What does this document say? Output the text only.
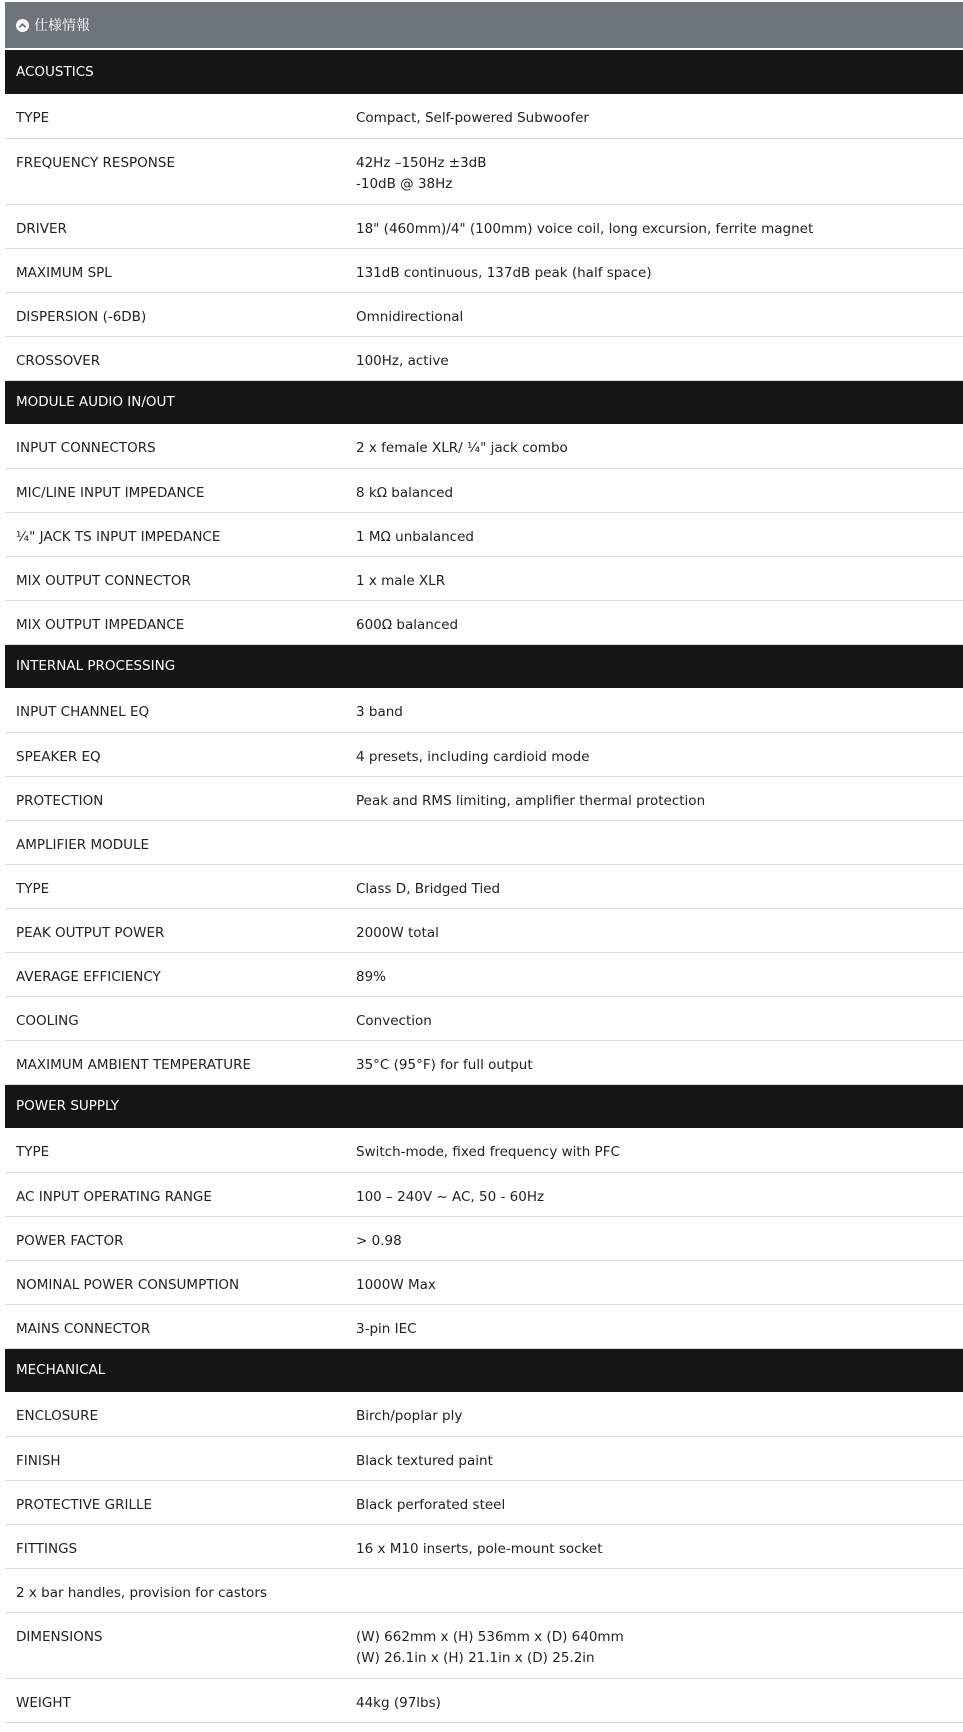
仕様情報
ACOUSTICS	
TYPE	Compact, Self-powered Subwoofer

FREQUENCY RESPONSE	42Hz –150Hz ±3dB
-10dB @ 38Hz

DRIVER	18" (460mm)/4" (100mm) voice coil, long excursion, ferrite magnet

MAXIMUM SPL	131dB continuous, 137dB peak (half space)

DISPERSION (-6DB)	Omnidirectional

CROSSOVER	100Hz, active

MODULE AUDIO IN/OUT	
INPUT CONNECTORS	2 x female XLR/ ¼" jack combo

MIC/LINE INPUT IMPEDANCE	8 kΩ balanced

¼" JACK TS INPUT IMPEDANCE	1 MΩ unbalanced

MIX OUTPUT CONNECTOR	1 x male XLR

MIX OUTPUT IMPEDANCE	600Ω balanced

INTERNAL PROCESSING	
INPUT CHANNEL EQ	3 band

SPEAKER EQ	4 presets, including cardioid mode

PROTECTION	Peak and RMS limiting, amplifier thermal protection

AMPLIFIER MODULE	
TYPE	Class D, Bridged Tied

PEAK OUTPUT POWER	2000W total

AVERAGE EFFICIENCY	89%

COOLING	Convection

MAXIMUM AMBIENT TEMPERATURE	35°C (95°F) for full output

POWER SUPPLY	
TYPE	Switch-mode, fixed frequency with PFC

AC INPUT OPERATING RANGE	100 – 240V ~ AC, 50 - 60Hz

POWER FACTOR	> 0.98

NOMINAL POWER CONSUMPTION	1000W Max

MAINS CONNECTOR	3-pin IEC

MECHANICAL	
ENCLOSURE	Birch/poplar ply

FINISH	Black textured paint

PROTECTIVE GRILLE	Black perforated steel

FITTINGS	16 x M10 inserts, pole-mount socket

2 x bar handles, provision for castors	
DIMENSIONS	(W) 662mm x (H) 536mm x (D) 640mm
(W) 26.1in x (H) 21.1in x (D) 25.2in

WEIGHT	44kg (97lbs)
